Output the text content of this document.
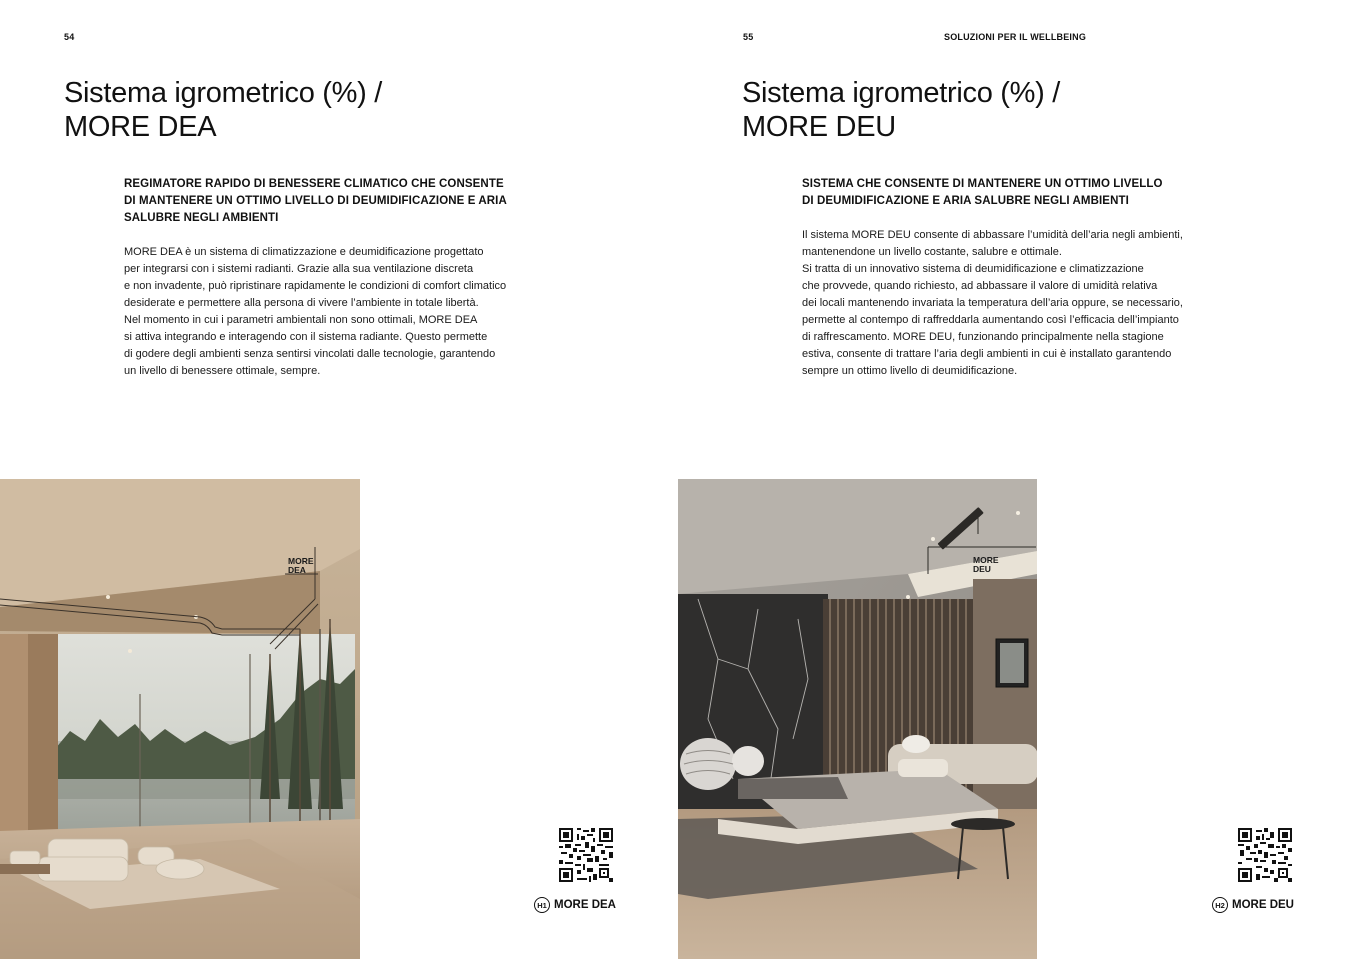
54
Sistema igrometrico (%) /
MORE DEA
REGIMATORE RAPIDO DI BENESSERE CLIMATICO CHE CONSENTE
DI MANTENERE UN OTTIMO LIVELLO DI DEUMIDIFICAZIONE E ARIA
SALUBRE NEGLI AMBIENTI
MORE DEA è un sistema di climatizzazione e deumidificazione progettato
per integrarsi con i sistemi radianti. Grazie alla sua ventilazione discreta
e non invadente, può ripristinare rapidamente le condizioni di comfort climatico
desiderate e permettere alla persona di vivere l’ambiente in totale libertà.
Nel momento in cui i parametri ambientali non sono ottimali, MORE DEA
si attiva integrando e interagendo con il sistema radiante. Questo permette
di godere degli ambienti senza sentirsi vincolati dalle tecnologie, garantendo
un livello di benessere ottimale, sempre.
MORE
DEA
H1 MORE DEA
55	SOLUZIONI PER IL WELLBEING
Sistema igrometrico (%) /
MORE DEU
SISTEMA CHE CONSENTE DI MANTENERE UN OTTIMO LIVELLO
DI DEUMIDIFICAZIONE E ARIA SALUBRE NEGLI AMBIENTI
Il sistema MORE DEU consente di abbassare l’umidità dell’aria negli ambienti,
mantenendone un livello costante, salubre e ottimale.
Si tratta di un innovativo sistema di deumidificazione e climatizzazione
che provvede, quando richiesto, ad abbassare il valore di umidità relativa
dei locali mantenendo invariata la temperatura dell’aria oppure, se necessario,
permette al contempo di raffreddarla aumentando così l’efficacia dell’impianto
di raffrescamento. MORE DEU, funzionando principalmente nella stagione
estiva, consente di trattare l’aria degli ambienti in cui è installato garantendo
sempre un ottimo livello di deumidificazione.
MORE
DEU
H2 MORE DEU
